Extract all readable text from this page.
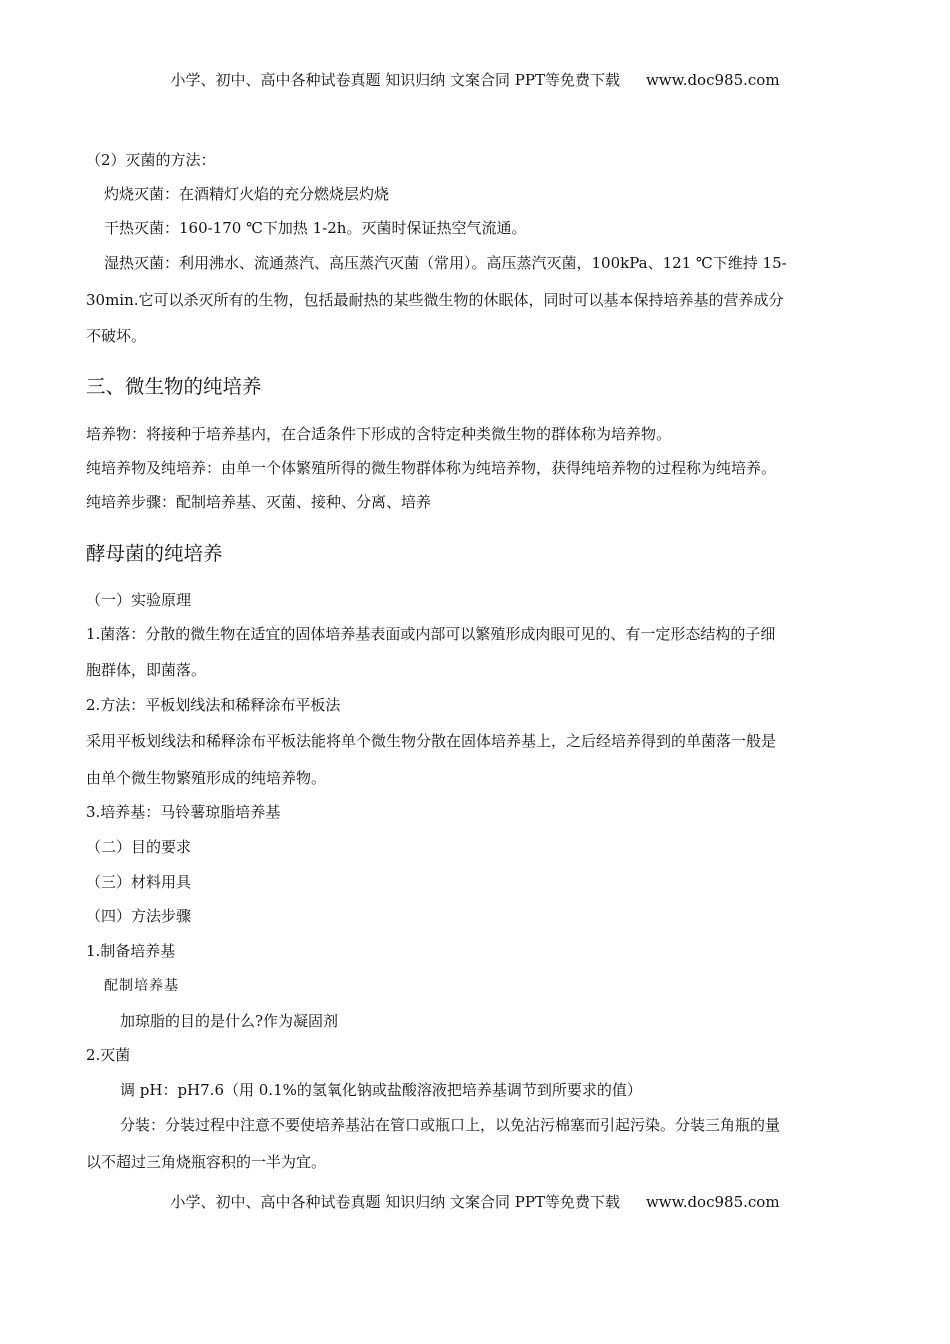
小学、初中、高中各种试卷真题 知识归纳 文案合同 PPT等免费下载 www.doc985.com
（2）灭菌的方法：
灼烧灭菌：在酒精灯火焰的充分燃烧层灼烧
干热灭菌：160-170 ℃下加热 1-2h。灭菌时保证热空气流通。
湿热灭菌：利用沸水、流通蒸汽、高压蒸汽灭菌（常用）。高压蒸汽灭菌，100kPa、121 ℃下维持 15-
30min.它可以杀灭所有的生物，包括最耐热的某些微生物的休眠体，同时可以基本保持培养基的营养成分
不破坏。
三、微生物的纯培养
培养物：将接种于培养基内，在合适条件下形成的含特定种类微生物的群体称为培养物。
纯培养物及纯培养：由单一个体繁殖所得的微生物群体称为纯培养物，获得纯培养物的过程称为纯培养。
纯培养步骤：配制培养基、灭菌、接种、分离、培养
酵母菌的纯培养
（一）实验原理
1.菌落：分散的微生物在适宜的固体培养基表面或内部可以繁殖形成肉眼可见的、有一定形态结构的子细
胞群体，即菌落。
2.方法：平板划线法和稀释涂布平板法
采用平板划线法和稀释涂布平板法能将单个微生物分散在固体培养基上，之后经培养得到的单菌落一般是
由单个微生物繁殖形成的纯培养物。
3.培养基：马铃薯琼脂培养基
（二）目的要求
（三）材料用具
（四）方法步骤
1.制备培养基
配制培养基
加琼脂的目的是什么?作为凝固剂
2.灭菌
调 pH：pH7.6（用 0.1%的氢氧化钠或盐酸溶液把培养基调节到所要求的值）
分装：分装过程中注意不要使培养基沾在管口或瓶口上，以免沾污棉塞而引起污染。分装三角瓶的量
以不超过三角烧瓶容积的一半为宜。
小学、初中、高中各种试卷真题 知识归纳 文案合同 PPT等免费下载 www.doc985.com
